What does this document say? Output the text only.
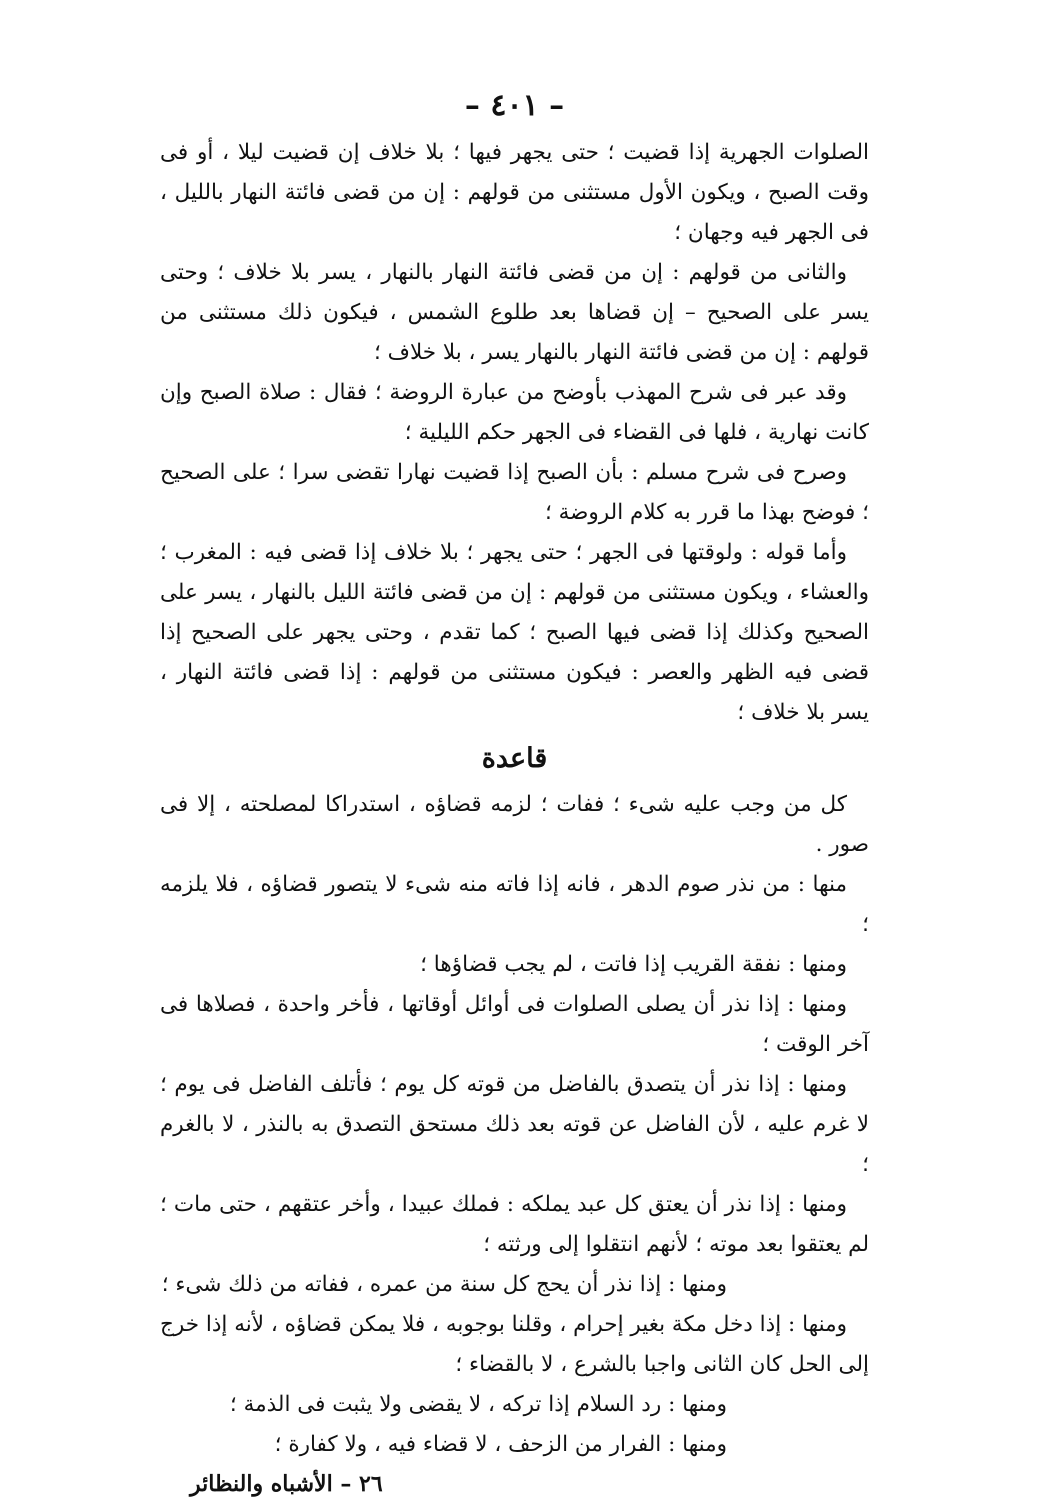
– ٤٠١ –

الصلوات الجهرية إذا قضيت ؛ حتى يجهر فيها ؛ بلا خلاف إن قضيت ليلا ، أو فى وقت الصبح ، ويكون الأول مستثنى من قولهم : إن من قضى فائتة النهار بالليل ، فى الجهر فيه وجهان ؛

والثانى من قولهم : إن من قضى فائتة النهار بالنهار ، يسر بلا خلاف ؛ وحتى يسر على الصحيح – إن قضاها بعد طلوع الشمس ، فيكون ذلك مستثنى من قولهم : إن من قضى فائتة النهار بالنهار يسر ، بلا خلاف ؛

وقد عبر فى شرح المهذب بأوضح من عبارة الروضة ؛ فقال : صلاة الصبح وإن كانت نهارية ، فلها فى القضاء فى الجهر حكم الليلية ؛

وصرح فى شرح مسلم : بأن الصبح إذا قضيت نهارا تقضى سرا ؛ على الصحيح ؛ فوضح بهذا ما قرر به كلام الروضة ؛

وأما قوله : ولوقتها فى الجهر ؛ حتى يجهر ؛ بلا خلاف إذا قضى فيه : المغرب ؛ والعشاء ، ويكون مستثنى من قولهم : إن من قضى فائتة الليل بالنهار ، يسر على الصحيح وكذلك إذا قضى فيها الصبح ؛ كما تقدم ، وحتى يجهر على الصحيح إذا قضى فيه الظهر والعصر : فيكون مستثنى من قولهم : إذا قضى فائتة النهار ، يسر بلا خلاف ؛

قاعدة

كل من وجب عليه شىء ؛ ففات ؛ لزمه قضاؤه ، استدراكا لمصلحته ، إلا فى صور .

منها : من نذر صوم الدهر ، فانه إذا فاته منه شىء لا يتصور قضاؤه ، فلا يلزمه ؛

ومنها : نفقة القريب إذا فاتت ، لم يجب قضاؤها ؛

ومنها : إذا نذر أن يصلى الصلوات فى أوائل أوقاتها ، فأخر واحدة ، فصلاها فى آخر الوقت ؛

ومنها : إذا نذر أن يتصدق بالفاضل من قوته كل يوم ؛ فأتلف الفاضل فى يوم ؛ لا غرم عليه ، لأن الفاضل عن قوته بعد ذلك مستحق التصدق به بالنذر ، لا بالغرم ؛

ومنها : إذا نذر أن يعتق كل عبد يملكه : فملك عبيدا ، وأخر عتقهم ، حتى مات ؛ لم يعتقوا بعد موته ؛ لأنهم انتقلوا إلى ورثته ؛

ومنها : إذا نذر أن يحج كل سنة من عمره ، ففاته من ذلك شىء ؛

ومنها : إذا دخل مكة بغير إحرام ، وقلنا بوجوبه ، فلا يمكن قضاؤه ، لأنه إذا خرج إلى الحل كان الثانى واجبا بالشرع ، لا بالقضاء ؛

ومنها : رد السلام إذا تركه ، لا يقضى ولا يثبت فى الذمة ؛

ومنها : الفرار من الزحف ، لا قضاء فيه ، ولا كفارة ؛

٢٦ – الأشباه والنظائر
